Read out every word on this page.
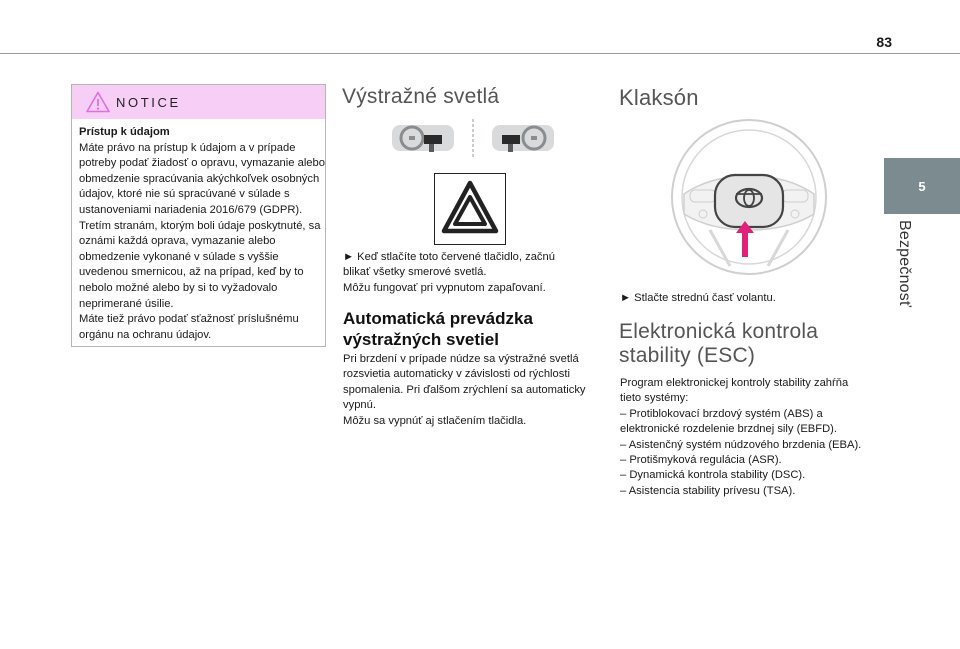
83
5
Bezpečnosť
NOTICE
Prístup k údajom

Máte právo na prístup k údajom a v prípade potreby podať žiadosť o opravu, vymazanie alebo obmedzenie spracúvania akýchkoľvek osobných údajov, ktoré nie sú spracúvané v súlade s ustanoveniami nariadenia 2016/679 (GDPR). Tretím stranám, ktorým boli údaje poskytnuté, sa oznámi každá oprava, vymazanie alebo obmedzenie vykonané v súlade s vyššie uvedenou smernicou, až na prípad, keď by to nebolo možné alebo by si to vyžadovalo neprimerané úsilie.

Máte tiež právo podať sťažnosť príslušnému orgánu na ochranu údajov.

Výstražné svetlá

► Keď stlačíte toto červené tlačidlo, začnú blikať všetky smerové svetlá.

Môžu fungovať pri vypnutom zapaľovaní.

Automatická prevádzka výstražných svetiel

Pri brzdení v prípade núdze sa výstražné svetlá rozsvietia automaticky v závislosti od rýchlosti spomalenia. Pri ďalšom zrýchlení sa automaticky vypnú.

Môžu sa vypnúť aj stlačením tlačidla.

Klaksón
► Stlačte strednú časť volantu.
Elektronická kontrola stability (ESC)

Program elektronickej kontroly stability zahŕňa tieto systémy:

– Protiblokovací brzdový systém (ABS) a elektronické rozdelenie brzdnej sily (EBFD).

– Asistenčný systém núdzového brzdenia (EBA).

– Protišmyková regulácia (ASR).

– Dynamická kontrola stability (DSC).

– Asistencia stability prívesu (TSA).
